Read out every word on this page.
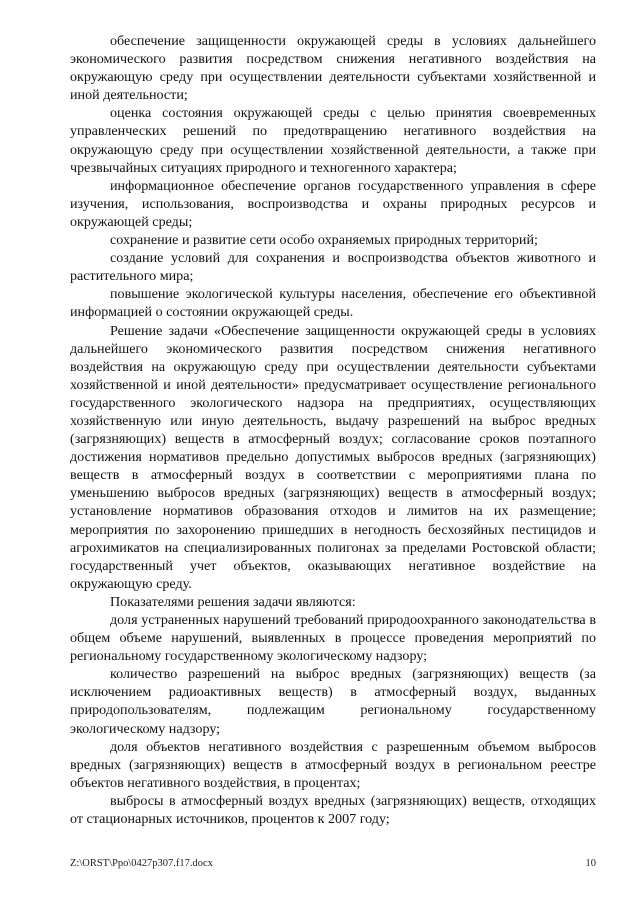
обеспечение защищенности окружающей среды в условиях дальнейшего экономического развития посредством снижения негативного воздействия на окружающую среду при осуществлении деятельности субъектами хозяйственной и иной деятельности;

оценка состояния окружающей среды с целью принятия своевременных управленческих решений по предотвращению негативного воздействия на окружающую среду при осуществлении хозяйственной деятельности, а также при чрезвычайных ситуациях природного и техногенного характера;

информационное обеспечение органов государственного управления в сфере изучения, использования, воспроизводства и охраны природных ресурсов и окружающей среды;

сохранение и развитие сети особо охраняемых природных территорий;

создание условий для сохранения и воспроизводства объектов животного и растительного мира;

повышение экологической культуры населения, обеспечение его объективной информацией о состоянии окружающей среды.

Решение задачи «Обеспечение защищенности окружающей среды в условиях дальнейшего экономического развития посредством снижения негативного воздействия на окружающую среду при осуществлении деятельности субъектами хозяйственной и иной деятельности» предусматривает осуществление регионального государственного экологического надзора на предприятиях, осуществляющих хозяйственную или иную деятельность, выдачу разрешений на выброс вредных (загрязняющих) веществ в атмосферный воздух; согласование сроков поэтапного достижения нормативов предельно допустимых выбросов вредных (загрязняющих) веществ в атмосферный воздух в соответствии с мероприятиями плана по уменьшению выбросов вредных (загрязняющих) веществ в атмосферный воздух; установление нормативов образования отходов и лимитов на их размещение; мероприятия по захоронению пришедших в негодность бесхозяйных пестицидов и агрохимикатов на специализированных полигонах за пределами Ростовской области; государственный учет объектов, оказывающих негативное воздействие на окружающую среду.

Показателями решения задачи являются:

доля устраненных нарушений требований природоохранного законодательства в общем объеме нарушений, выявленных в процессе проведения мероприятий по региональному государственному экологическому надзору;

количество разрешений на выброс вредных (загрязняющих) веществ (за исключением радиоактивных веществ) в атмосферный воздух, выданных природопользователям, подлежащим региональному государственному экологическому надзору;

доля объектов негативного воздействия с разрешенным объемом выбросов вредных (загрязняющих) веществ в атмосферный воздух в региональном реестре объектов негативного воздействия, в процентах;

выбросы в атмосферный воздух вредных (загрязняющих) веществ, отходящих от стационарных источников, процентов к 2007 году;

Z:\ORST\Ppo\0427p307.f17.docx	10
